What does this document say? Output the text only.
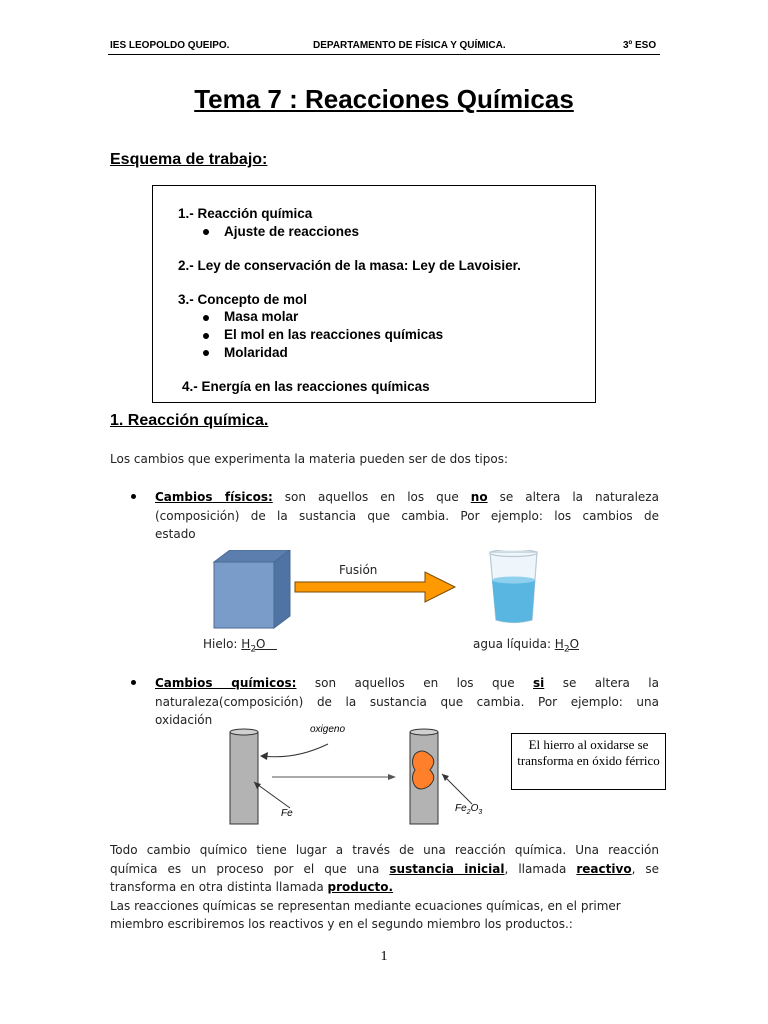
IES LEOPOLDO QUEIPO.	DEPARTAMENTO DE FÍSICA Y QUÍMICA.	3º ESO
Tema 7 : Reacciones Químicas
Esquema de trabajo:
1.- Reacción química
Ajuste de reacciones
2.- Ley de conservación de la masa: Ley de Lavoisier.
3.- Concepto de mol
Masa molar
El mol en las reacciones químicas
Molaridad
4.- Energía en las reacciones químicas
1. Reacción química.
Los cambios que experimenta la materia pueden ser de dos tipos:
Cambios físicos: son aquellos en los que no se altera la naturaleza
(composición) de la sustancia que cambia. Por ejemplo: los cambios de
estado
Fusión
Hielo: $H_2O$	agua líquida: $H_2O$
Cambios químicos: son aquellos en los que si se altera la
naturaleza(composición) de la sustancia que cambia. Por ejemplo: una
oxidación
oxigeno
Fe	$Fe_2O_3$
El hierro al oxidarse se transforma en óxido férrico
Todo cambio químico tiene lugar a través de una reacción química. Una reacción
química es un proceso por el que una sustancia inicial, llamada reactivo, se
transforma en otra distinta llamada producto.
Las reacciones químicas se representan mediante ecuaciones químicas, en el primer
miembro escribiremos los reactivos y en el segundo miembro los productos.:
1
